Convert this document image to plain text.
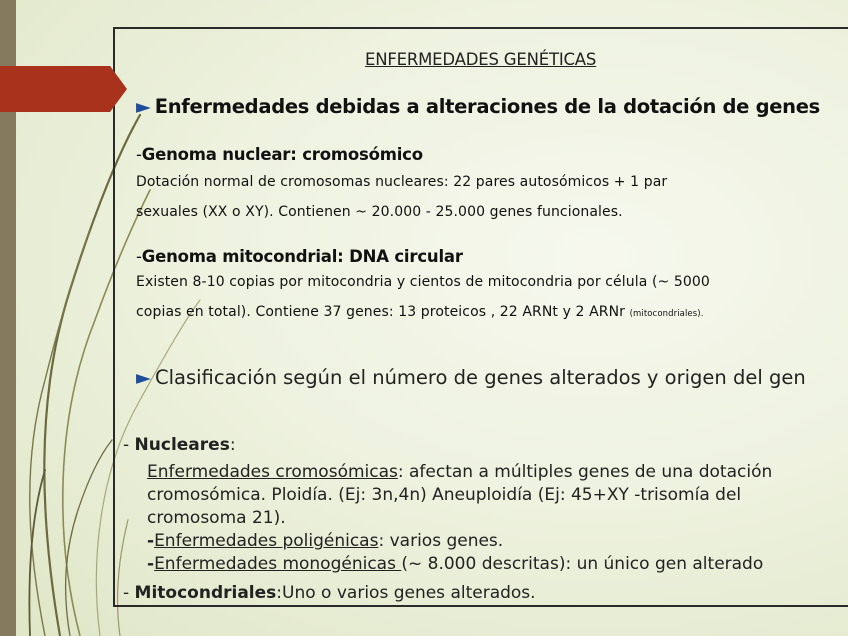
ENFERMEDADES GENÉTICAS
► Enfermedades debidas a alteraciones de la dotación de genes
-Genoma nuclear: cromosómico
Dotación normal de cromosomas nucleares: 22 pares autosómicos + 1 par
sexuales (XX o XY). Contienen ~ 20.000 - 25.000 genes funcionales.
-Genoma mitocondrial: DNA circular
Existen 8-10 copias por mitocondria y cientos de mitocondria por célula (~ 5000
copias en total). Contiene 37 genes: 13 proteicos , 22 ARNt y 2 ARNr (mitocondriales).
► Clasificación según el número de genes alterados y origen del gen
- Nucleares:
Enfermedades cromosómicas: afectan a múltiples genes de una dotación
cromosómica. Ploidía. (Ej: 3n,4n) Aneuploidía (Ej: 45+XY -trisomía del
cromosoma 21).
-Enfermedades poligénicas: varios genes.
-Enfermedades monogénicas (~ 8.000 descritas): un único gen alterado
- Mitocondriales:Uno o varios genes alterados.
